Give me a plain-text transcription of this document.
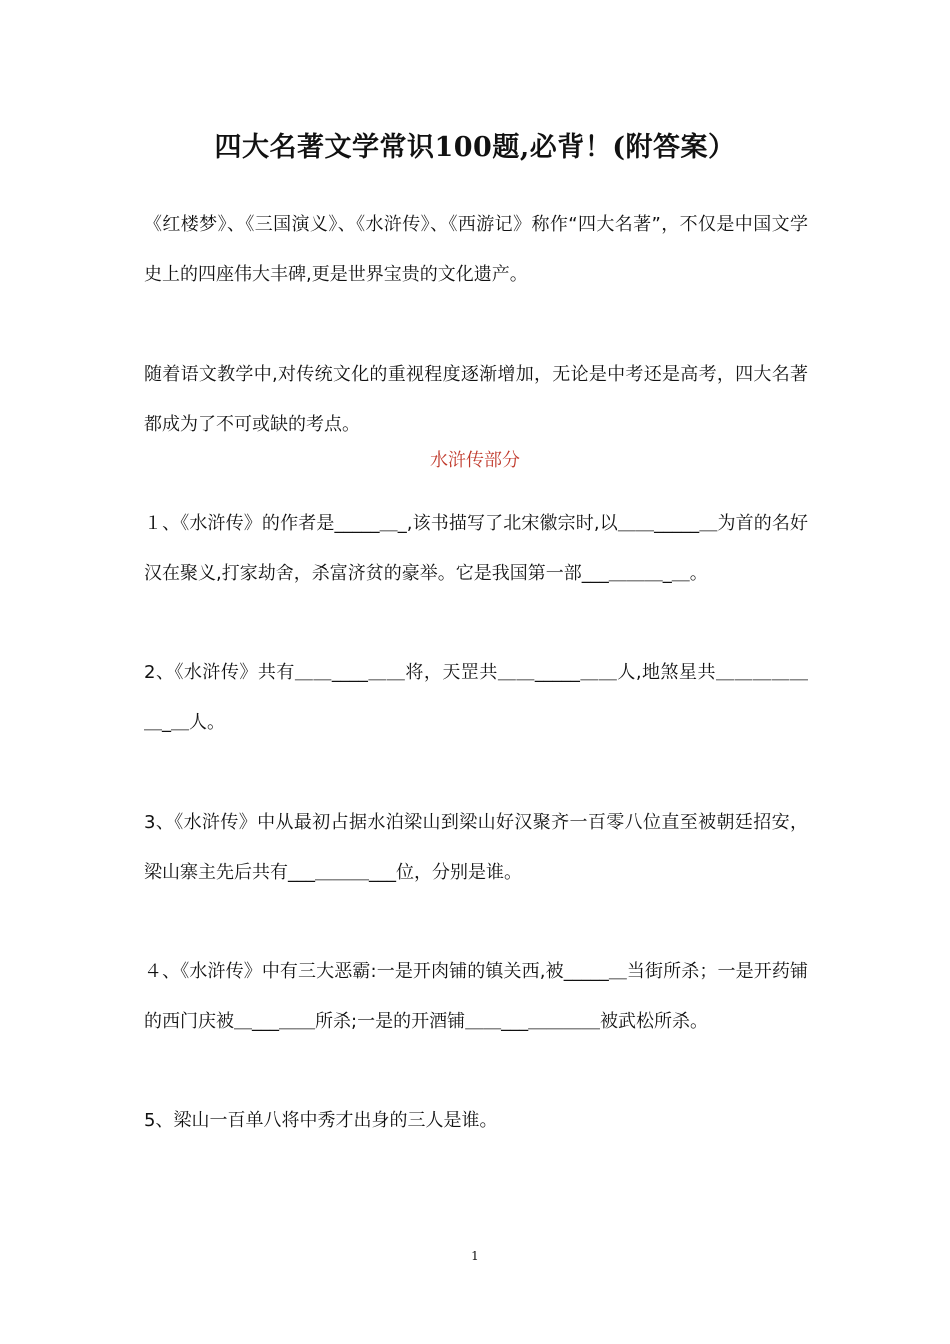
四大名著文学常识100题,必背！(附答案）

《红楼梦》、《三国演义》、《水浒传》、《西游记》称作“四大名著”，不仅是中国文学史上的四座伟大丰碑,更是世界宝贵的文化遗产。

随着语文教学中,对传统文化的重视程度逐渐增加，无论是中考还是高考，四大名著都成为了不可或缺的考点。

水浒传部分

１、《水浒传》的作者是_____＿_,该书描写了北宋徽宗时,以＿＿_____＿为首的名好汉在聚义,打家劫舍，杀富济贫的豪举。它是我国第一部___＿＿＿_＿。

2、《水浒传》共有＿＿____＿＿将，天罡共＿＿_____＿＿人,地煞星共＿＿＿＿＿＿_＿人。

3、《水浒传》中从最初占据水泊梁山到梁山好汉聚齐一百零八位直至被朝廷招安，梁山寨主先后共有___＿＿＿___位，分别是谁。

４、《水浒传》中有三大恶霸:一是开肉铺的镇关西,被_____＿当街所杀；一是开药铺的西门庆被＿___＿＿所杀;一是的开酒铺＿＿___＿＿＿＿被武松所杀。

5、梁山一百单八将中秀才出身的三人是谁。

1
